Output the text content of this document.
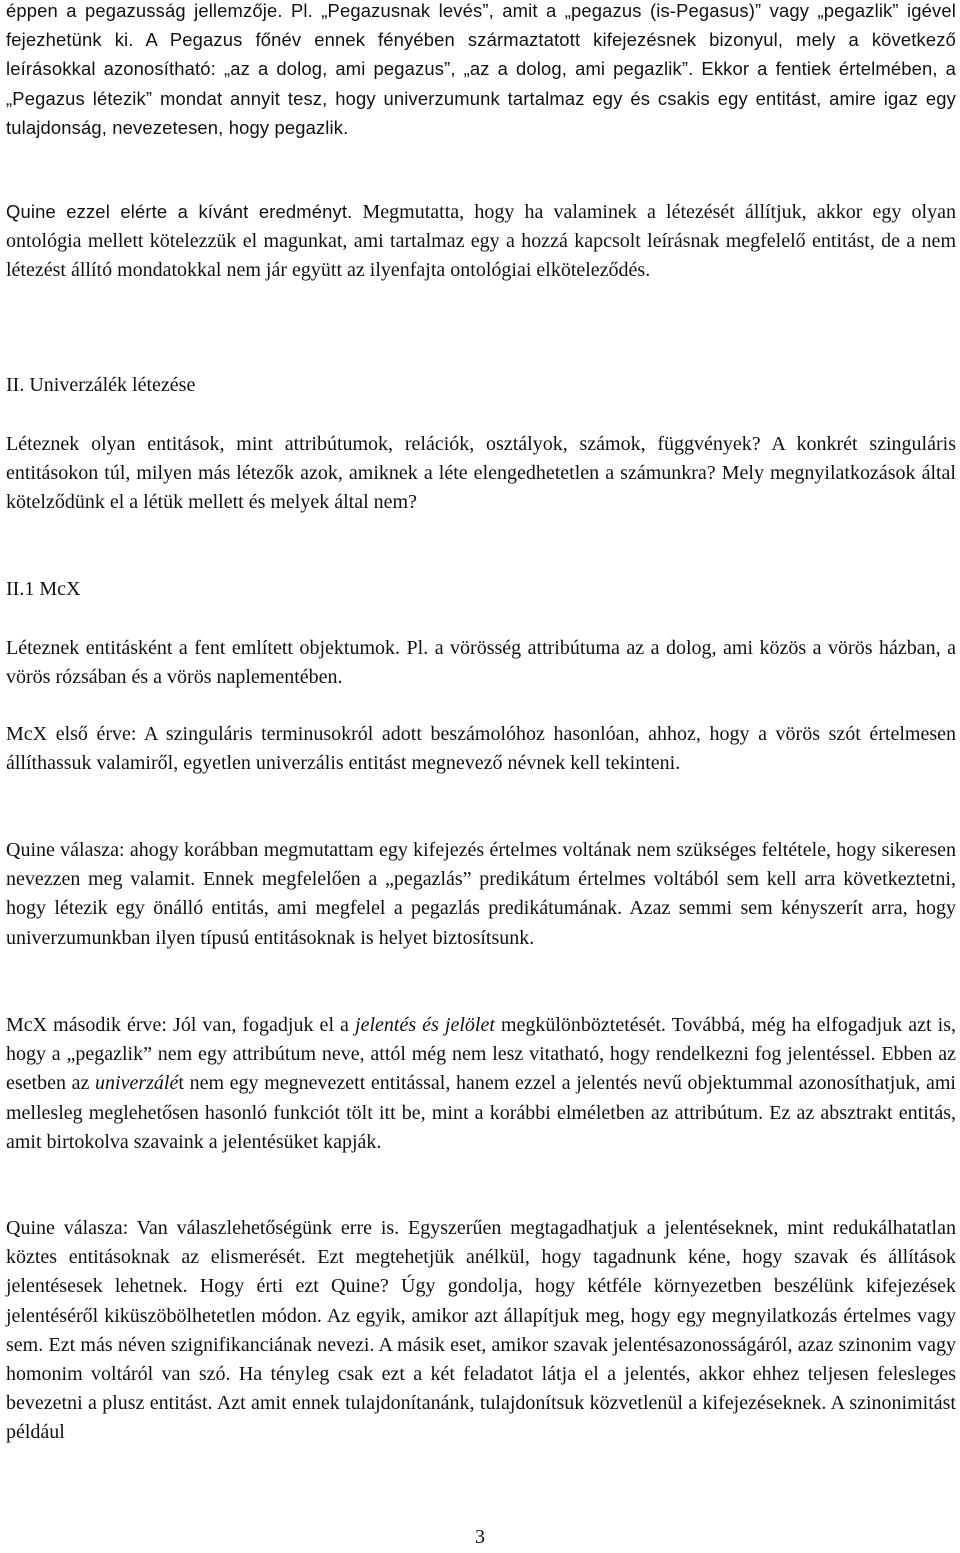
éppen a pegazusság jellemzője. Pl. „Pegazusnak levés”, amit a „pegazus (is-Pegasus)” vagy „pegazlik” igével fejezhetünk ki. A Pegazus főnév ennek fényében származtatott kifejezésnek bizonyul, mely a következő leírásokkal azonosítható: „az a dolog, ami pegazus”, „az a dolog, ami pegazlik”. Ekkor a fentiek értelmében, a „Pegazus létezik” mondat annyit tesz, hogy univerzumunk tartalmaz egy és csakis egy entitást, amire igaz egy tulajdonság, nevezetesen, hogy pegazlik.

Quine ezzel elérte a kívánt eredményt. Megmutatta, hogy ha valaminek a létezését állítjuk, akkor egy olyan ontológia mellett kötelezzük el magunkat, ami tartalmaz egy a hozzá kapcsolt leírásnak megfelelő entitást, de a nem létezést állító mondatokkal nem jár együtt az ilyenfajta ontológiai elköteleződés.

II. Univerzálék létezése

Léteznek olyan entitások, mint attribútumok, relációk, osztályok, számok, függvények? A konkrét szinguláris entitásokon túl, milyen más létezők azok, amiknek a léte elengedhetetlen a számunkra? Mely megnyilatkozások által kötelződünk el a létük mellett és melyek által nem?

II.1 McX

Léteznek entitásként a fent említett objektumok. Pl. a vörösség attribútuma az a dolog, ami közös a vörös házban, a vörös rózsában és a vörös naplementében.

McX első érve: A szinguláris terminusokról adott beszámolóhoz hasonlóan, ahhoz, hogy a vörös szót értelmesen állíthassuk valamiről, egyetlen univerzális entitást megnevező névnek kell tekinteni.

Quine válasza: ahogy korábban megmutattam egy kifejezés értelmes voltának nem szükséges feltétele, hogy sikeresen nevezzen meg valamit. Ennek megfelelően a „pegazlás” predikátum értelmes voltából sem kell arra következtetni, hogy létezik egy önálló entitás, ami megfelel a pegazlás predikátumának. Azaz semmi sem kényszerít arra, hogy univerzumunkban ilyen típusú entitásoknak is helyet biztosítsunk.

McX második érve: Jól van, fogadjuk el a jelentés és jelölet megkülönböztetését. Továbbá, még ha elfogadjuk azt is, hogy a „pegazlik” nem egy attribútum neve, attól még nem lesz vitatható, hogy rendelkezni fog jelentéssel. Ebben az esetben az univerzálét nem egy megnevezett entitással, hanem ezzel a jelentés nevű objektummal azonosíthatjuk, ami mellesleg meglehetősen hasonló funkciót tölt itt be, mint a korábbi elméletben az attribútum. Ez az absztrakt entitás, amit birtokolva szavaink a jelentésüket kapják.

Quine válasza: Van válaszlehetőségünk erre is. Egyszerűen megtagadhatjuk a jelentéseknek, mint redukálhatatlan köztes entitásoknak az elismerését. Ezt megtehetjük anélkül, hogy tagadnunk kéne, hogy szavak és állítások jelentésesek lehetnek. Hogy érti ezt Quine? Úgy gondolja, hogy kétféle környezetben beszélünk kifejezések jelentéséről kiküszöbölhetetlen módon. Az egyik, amikor azt állapítjuk meg, hogy egy megnyilatkozás értelmes vagy sem. Ezt más néven szignifikanciának nevezi. A másik eset, amikor szavak jelentésazonosságáról, azaz szinonim vagy homonim voltáról van szó. Ha tényleg csak ezt a két feladatot látja el a jelentés, akkor ehhez teljesen felesleges bevezetni a plusz entitást. Azt amit ennek tulajdonítanánk, tulajdonítsuk közvetlenül a kifejezéseknek. A szinonimitást például

3
